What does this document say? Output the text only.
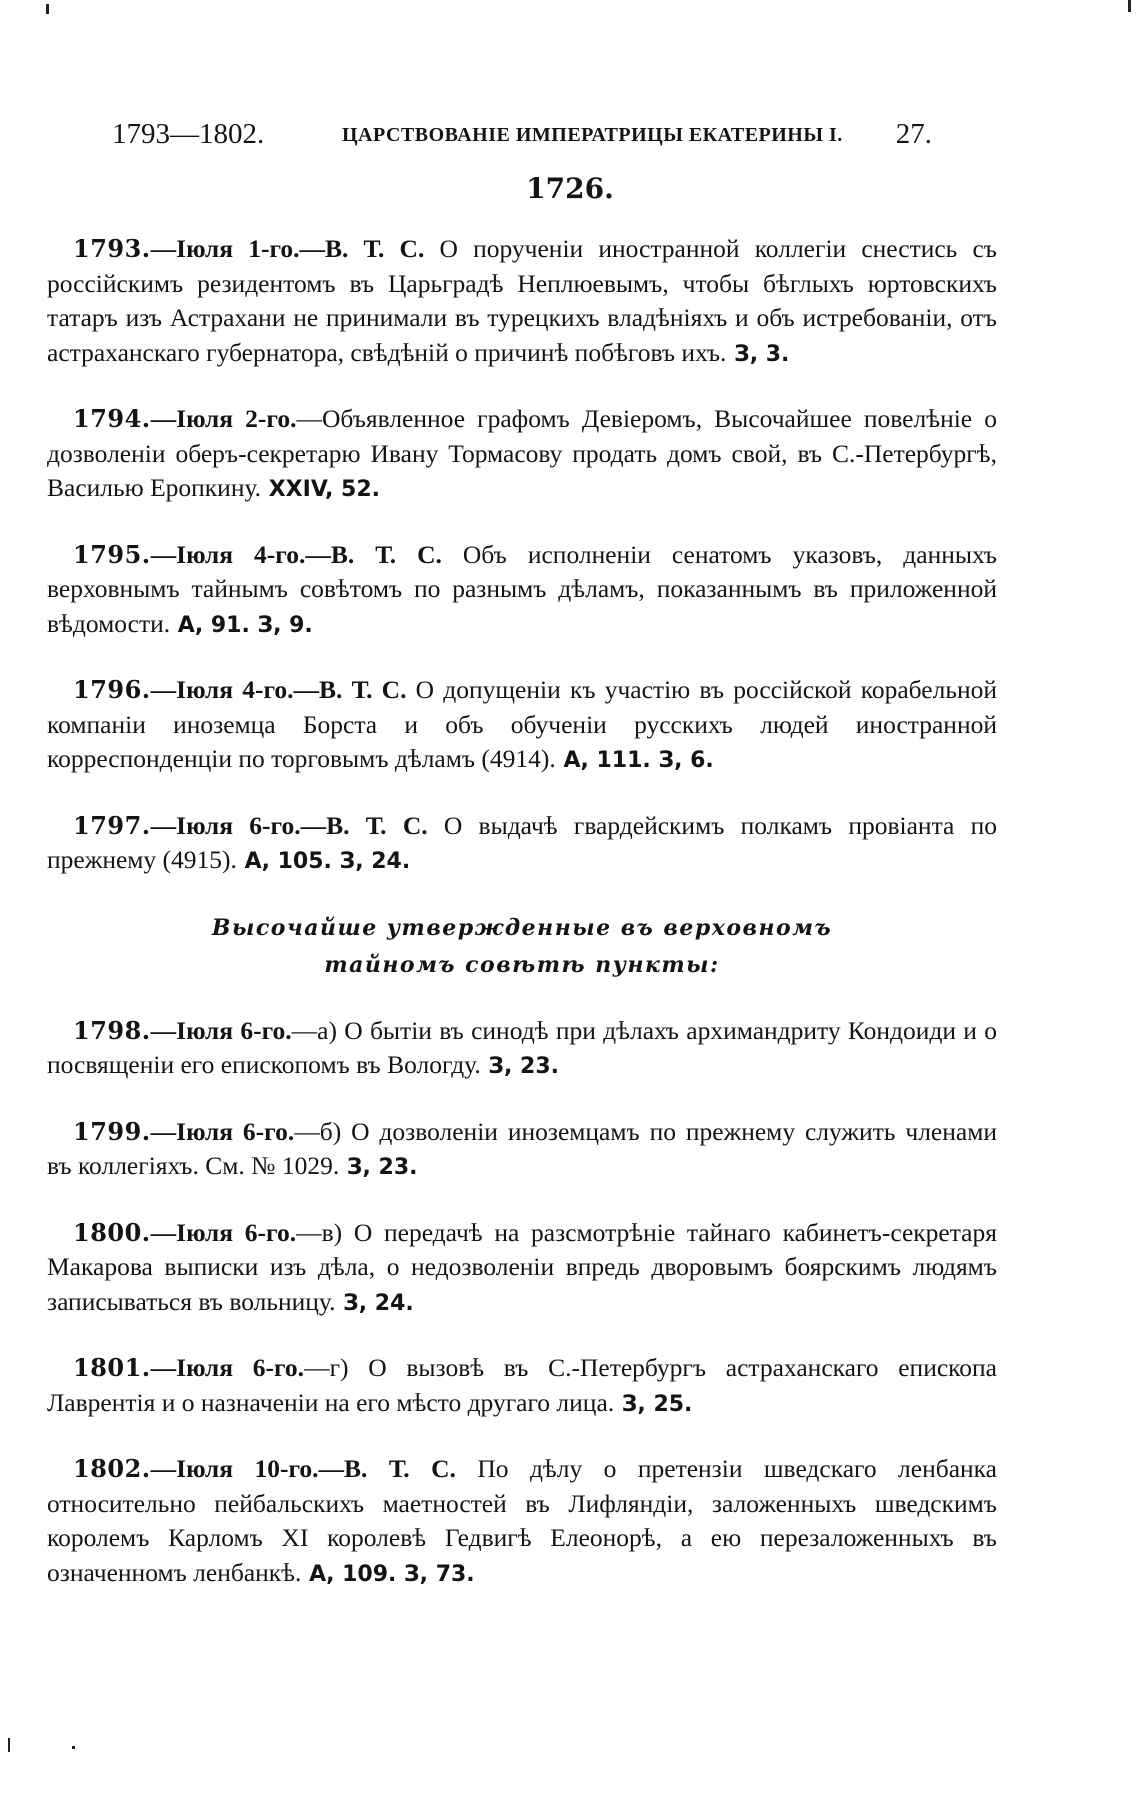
1793—1802.	ЦАРСТВОВАНІЕ ИМПЕРАТРИЦЫ ЕКАТЕРИНЫ I. 27.
1726.

1793.—Іюля 1-го.—В. Т. С. О порученіи иностранной коллегіи снестись съ россійскимъ резидентомъ въ Царьградѣ Неплюевымъ, чтобы бѣглыхъ юртовскихъ татаръ изъ Астрахани не принимали въ турецкихъ владѣніяхъ и объ истребованіи, отъ астраханскаго губернатора, свѣдѣній о причинѣ побѣговъ ихъ. З, 3.

1794.—Іюля 2-го.—Объявленное графомъ Девіеромъ, Высочайшее повелѣніе о дозволеніи оберъ-секретарю Ивану Тормасову продать домъ свой, въ С.-Петербургѣ, Василью Еропкину. XXIV, 52.

1795.—Іюля 4-го.—В. Т. С. Объ исполненіи сенатомъ указовъ, данныхъ верховнымъ тайнымъ совѣтомъ по разнымъ дѣламъ, показаннымъ въ приложенной вѣдомости. А, 91. З, 9.

1796.—Іюля 4-го.—В. Т. С. О допущеніи къ участію въ россійской корабельной компаніи иноземца Борста и объ обученіи русскихъ людей иностранной корреспонденціи по торговымъ дѣламъ (4914). А, 111. З, 6.

1797.—Іюля 6-го.—В. Т. С. О выдачѣ гвардейскимъ полкамъ провіанта по прежнему (4915). А, 105. З, 24.

Высочайше утвержденные въ верховномъ
тайномъ совѣтѣ пункты:

1798.—Іюля 6-го.—а) О бытіи въ синодѣ при дѣлахъ архимандриту Кондоиди и о посвященіи его епископомъ въ Вологду. З, 23.

1799.—Іюля 6-го.—б) О дозволеніи иноземцамъ по прежнему служить членами въ коллегіяхъ. См. № 1029. З, 23.

1800.—Іюля 6-го.—в) О передачѣ на разсмотрѣніе тайнаго кабинетъ-секретаря Макарова выписки изъ дѣла, о недозволеніи впредь дворовымъ боярскимъ людямъ записываться въ вольницу. З, 24.

1801.—Іюля 6-го.—г) О вызовѣ въ С.-Петербургъ астраханскаго епископа Лаврентія и о назначеніи на его мѣсто другаго лица. З, 25.

1802.—Іюля 10-го.—В. Т. С. По дѣлу о претензіи шведскаго ленбанка относительно пейбальскихъ маетностей въ Лифляндіи, заложенныхъ шведскимъ королемъ Карломъ XI королевѣ Гедвигѣ Елеонорѣ, а ею перезаложенныхъ въ означенномъ ленбанкѣ. А, 109. З, 73.
